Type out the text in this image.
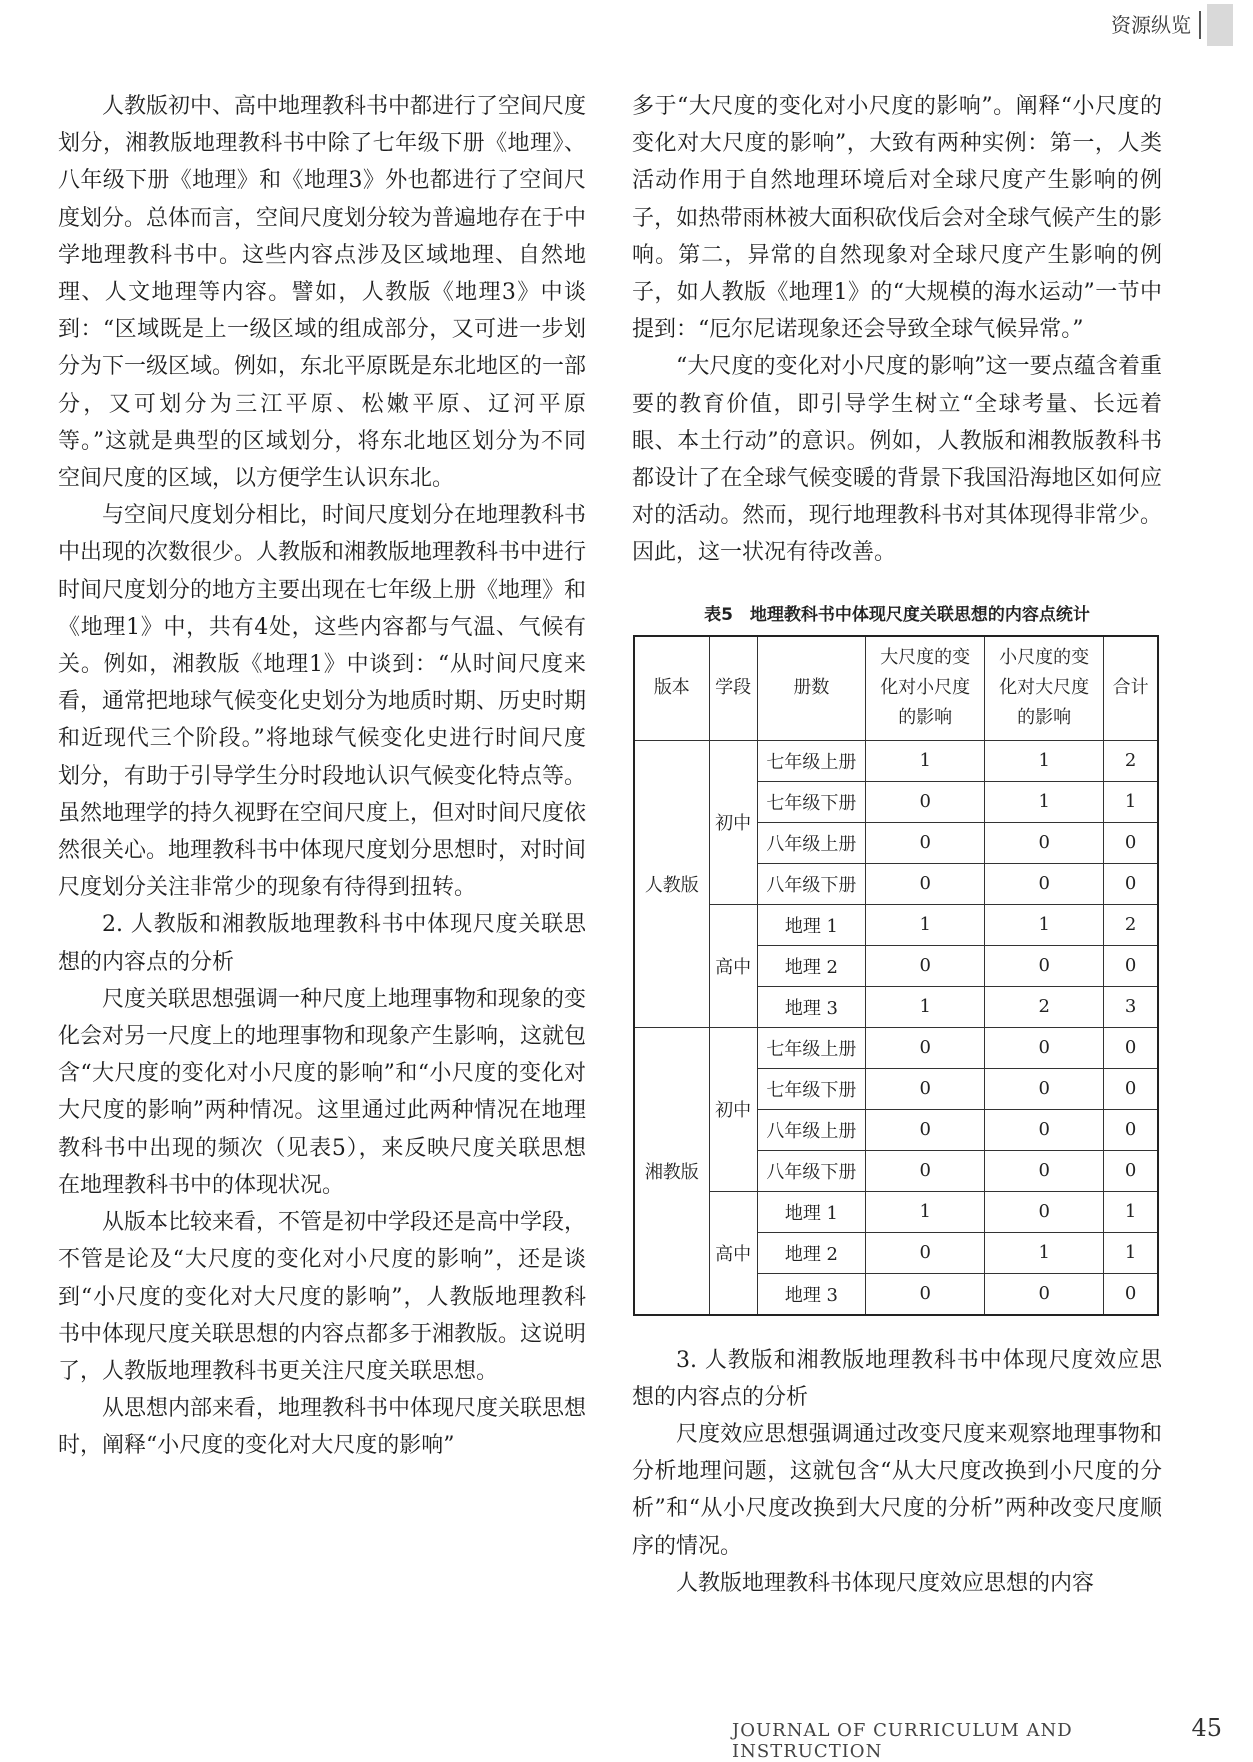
资源纵览

人教版初中、高中地理教科书中都进行了空间尺度划分，湘教版地理教科书中除了七年级下册《地理》、八年级下册《地理》和《地理3》外也都进行了空间尺度划分。总体而言，空间尺度划分较为普遍地存在于中学地理教科书中。这些内容点涉及区域地理、自然地理、人文地理等内容。譬如，人教版《地理3》中谈到：“区域既是上一级区域的组成部分，又可进一步划分为下一级区域。例如，东北平原既是东北地区的一部分，又可划分为三江平原、松嫩平原、辽河平原等。”这就是典型的区域划分，将东北地区划分为不同空间尺度的区域，以方便学生认识东北。

与空间尺度划分相比，时间尺度划分在地理教科书中出现的次数很少。人教版和湘教版地理教科书中进行时间尺度划分的地方主要出现在七年级上册《地理》和《地理1》中，共有4处，这些内容都与气温、气候有关。例如，湘教版《地理1》中谈到：“从时间尺度来看，通常把地球气候变化史划分为地质时期、历史时期和近现代三个阶段。”将地球气候变化史进行时间尺度划分，有助于引导学生分时段地认识气候变化特点等。虽然地理学的持久视野在空间尺度上，但对时间尺度依然很关心。地理教科书中体现尺度划分思想时，对时间尺度划分关注非常少的现象有待得到扭转。

2. 人教版和湘教版地理教科书中体现尺度关联思想的内容点的分析

尺度关联思想强调一种尺度上地理事物和现象的变化会对另一尺度上的地理事物和现象产生影响，这就包含“大尺度的变化对小尺度的影响”和“小尺度的变化对大尺度的影响”两种情况。这里通过此两种情况在地理教科书中出现的频次（见表5），来反映尺度关联思想在地理教科书中的体现状况。

从版本比较来看，不管是初中学段还是高中学段，不管是论及“大尺度的变化对小尺度的影响”，还是谈到“小尺度的变化对大尺度的影响”，人教版地理教科书中体现尺度关联思想的内容点都多于湘教版。这说明了，人教版地理教科书更关注尺度关联思想。

从思想内部来看，地理教科书中体现尺度关联思想时，阐释“小尺度的变化对大尺度的影响”

多于“大尺度的变化对小尺度的影响”。阐释“小尺度的变化对大尺度的影响”，大致有两种实例：第一，人类活动作用于自然地理环境后对全球尺度产生影响的例子，如热带雨林被大面积砍伐后会对全球气候产生的影响。第二，异常的自然现象对全球尺度产生影响的例子，如人教版《地理1》的“大规模的海水运动”一节中提到：“厄尔尼诺现象还会导致全球气候异常。”

“大尺度的变化对小尺度的影响”这一要点蕴含着重要的教育价值，即引导学生树立“全球考量、长远着眼、本土行动”的意识。例如，人教版和湘教版教科书都设计了在全球气候变暖的背景下我国沿海地区如何应对的活动。然而，现行地理教科书对其体现得非常少。因此，这一状况有待改善。

表5　地理教科书中体现尺度关联思想的内容点统计
版本	学段	册数	大尺度的变化对小尺度的影响	小尺度的变化对大尺度的影响	合计
人教版	初中	七年级上册	1	1	2
		七年级下册	0	1	1
		八年级上册	0	0	0
		八年级下册	0	0	0
	高中	地理 1	1	1	2
		地理 2	0	0	0
		地理 3	1	2	3
湘教版	初中	七年级上册	0	0	0
		七年级下册	0	0	0
		八年级上册	0	0	0
		八年级下册	0	0	0
	高中	地理 1	1	0	1
		地理 2	0	1	1
		地理 3	0	0	0

3. 人教版和湘教版地理教科书中体现尺度效应思想的内容点的分析

尺度效应思想强调通过改变尺度来观察地理事物和分析地理问题，这就包含“从大尺度改换到小尺度的分析”和“从小尺度改换到大尺度的分析”两种改变尺度顺序的情况。

人教版地理教科书体现尺度效应思想的内容

JOURNAL OF CURRICULUM AND INSTRUCTION
45
